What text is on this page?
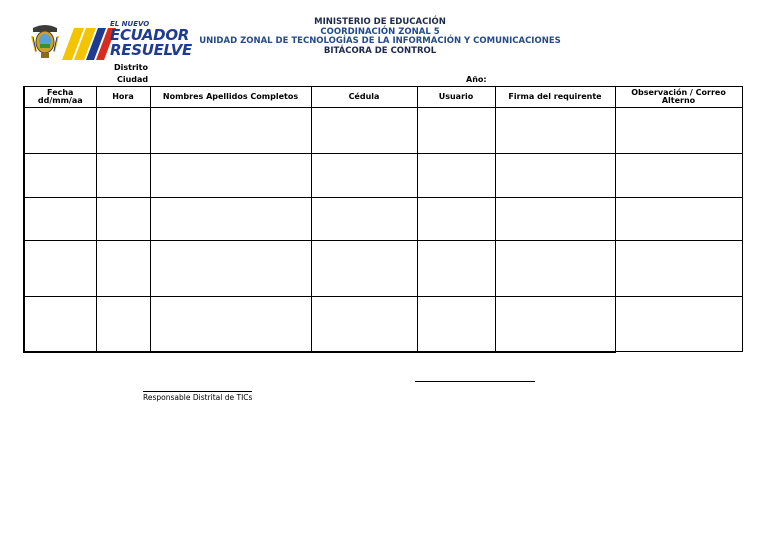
EL NUEVO
ECUADOR
RESUELVE
MINISTERIO DE EDUCACIÓN
COORDINACIÓN ZONAL 5
UNIDAD ZONAL DE TECNOLOGÍAS DE LA INFORMACIÓN Y COMUNICACIONES
BITÁCORA DE CONTROL
Distrito
Ciudad	Año:
Fecha dd/mm/aa	Hora	Nombres Apellidos Completos	Cédula	Usuario	Firma del requirente	Observación / Correo Alterno

Responsable Distrital de TICs
